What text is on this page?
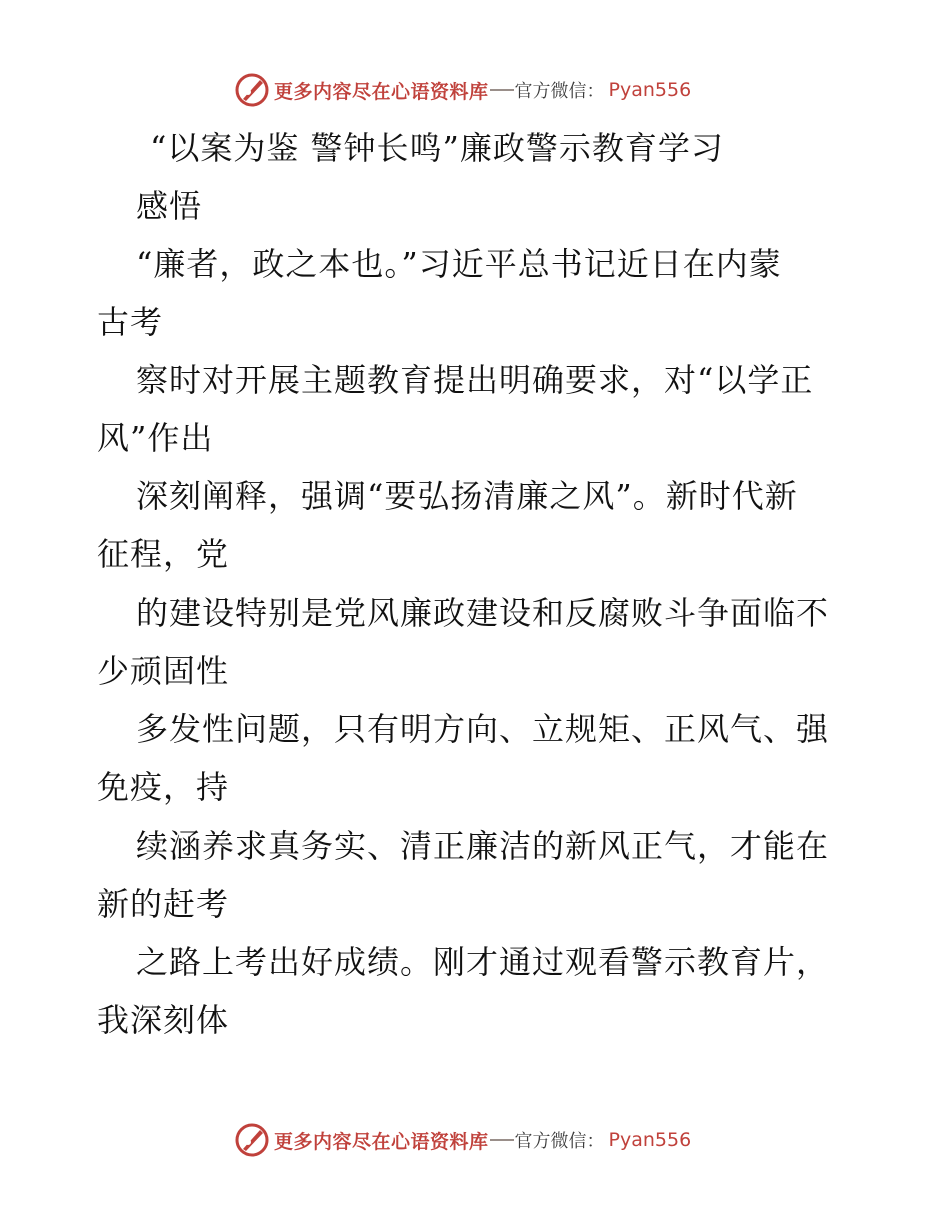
更多内容尽在心语资料库 官方微信 ： Pyan556
“以案为鉴 警钟长鸣”廉政警示教育学习
感悟
“廉者，政之本也。”习近平总书记近日在内蒙
古考
察时对开展主题教育提出明确要求，对“以学正
风”作出
深刻阐释，强调“要弘扬清廉之风”。新时代新
征程，党
的建设特别是党风廉政建设和反腐败斗争面临不
少顽固性
多发性问题，只有明方向、立规矩、正风气、强
免疫，持
续涵养求真务实、清正廉洁的新风正气，才能在
新的赶考
之路上考出好成绩。刚才通过观看警示教育片，
我深刻体
更多内容尽在心语资料库 官方微信 ： Pyan556
